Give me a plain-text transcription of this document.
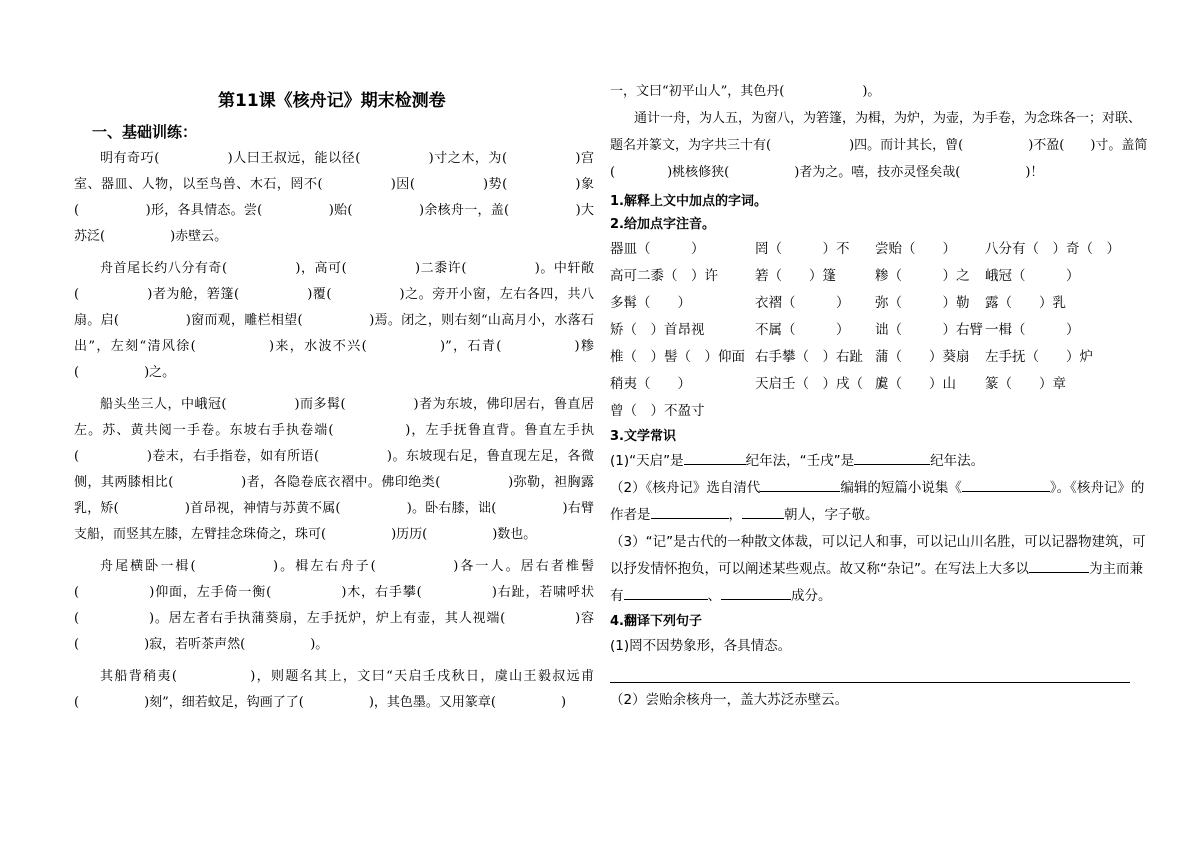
第11课《核舟记》期末检测卷
一、基础训练：

明有奇巧(　　　　　)人曰王叔远，能以径(　　　　　)寸之木，为(　　　　　)宫室、器皿、人物，以至鸟兽、木石，罔不(　　　　　)因(　　　　　)势(　　　　　)象(　　　　　)形，各具情态。尝(　　　　　)贻(　　　　　)余核舟一，盖(　　　　　)大苏泛(　　　　　)赤壁云。

舟首尾长约八分有奇(　　　　　)，高可(　　　　　)二黍许(　　　　　)。中轩敞(　　　　　)者为舱，箬篷(　　　　　)覆(　　　　　)之。旁开小窗，左右各四，共八扇。启(　　　　　)窗而观，雕栏相望(　　　　　)焉。闭之，则右刻“山高月小，水落石出”，左刻“清风徐(　　　　　)来，水波不兴(　　　　　)”，石青(　　　　　)糁(　　　　　)之。

船头坐三人，中峨冠(　　　　　)而多髯(　　　　　)者为东坡，佛印居右，鲁直居左。苏、黄共阅一手卷。东坡右手执卷端(　　　　　)，左手抚鲁直背。鲁直左手执(　　　　　)卷末，右手指卷，如有所语(　　　　　)。东坡现右足，鲁直现左足，各微侧，其两膝相比(　　　　　)者，各隐卷底衣褶中。佛印绝类(　　　　　)弥勒，袒胸露乳，矫(　　　　　)首昂视，神情与苏黄不属(　　　　　)。卧右膝，诎(　　　　　)右臂支船，而竖其左膝，左臂挂念珠倚之，珠可(　　　　　)历历(　　　　　)数也。

舟尾横卧一楫(　　　　　)。楫左右舟子(　　　　　)各一人。居右者椎髻(　　　　　)仰面，左手倚一衡(　　　　　)木，右手攀(　　　　　)右趾，若啸呼状(　　　　　)。居左者右手执蒲葵扇，左手抚炉，炉上有壶，其人视端(　　　　　)容(　　　　　)寂，若听茶声然(　　　　　)。

其船背稍夷(　　　　　)，则题名其上，文曰“天启壬戌秋日，虞山王毅叔远甫(　　　　　)刻”，细若蚊足，钩画了了(　　　　　)，其色墨。又用篆章(　　　　　)

一，文曰“初平山人”，其色丹(　　　　　　)。

通计一舟，为人五，为窗八，为箬篷，为楫，为炉，为壶，为手卷，为念珠各一；对联、题名并篆文，为字共三十有(　　　　　　)四。而计其长，曾(　　　　　)不盈(　　)寸。盖简(　　　　)桃核修狭(　　　　　)者为之。嘻，技亦灵怪矣哉(　　　　　)！

1.解释上文中加点的字词。

2.给加点字注音。

器皿（　　　）	罔（　　　）不 尝贻（　　） 八分有（　）奇（　）

高可二黍（　）许	箬（　　）篷	糁（　　　）之 峨冠（　　　）

多髯（　　）	衣褶（　　　） 弥（　　　）勒 露（　　）乳

矫（　）首昂视	不属（　　　） 诎（　　　）右臂 一楫（　　　）

椎（　）髻（　）仰面 右手攀（　）右趾 蒲（　　）葵扇 左手抚（　　）炉

稍夷（　　）	天启壬（　）戌（　）虞（　　）山 篆（　　）章

曾（　）不盈寸

3.文学常识

(1)“天启”是	纪年法，“壬戌”是	纪年法。

（2）《核舟记》选自清代	编辑的短篇小说集《	》。《核舟记》的作者是	，	朝人，字子敬。

（3）“记”是古代的一种散文体裁，可以记人和事，可以记山川名胜，可以记器物建筑，可以抒发情怀抱负，可以阐述某些观点。故又称“杂记”。在写法上大多以	为主而兼有	、	成分。

4.翻译下列句子

(1)罔不因势象形，各具情态。

（2）尝贻余核舟一，盖大苏泛赤壁云。
